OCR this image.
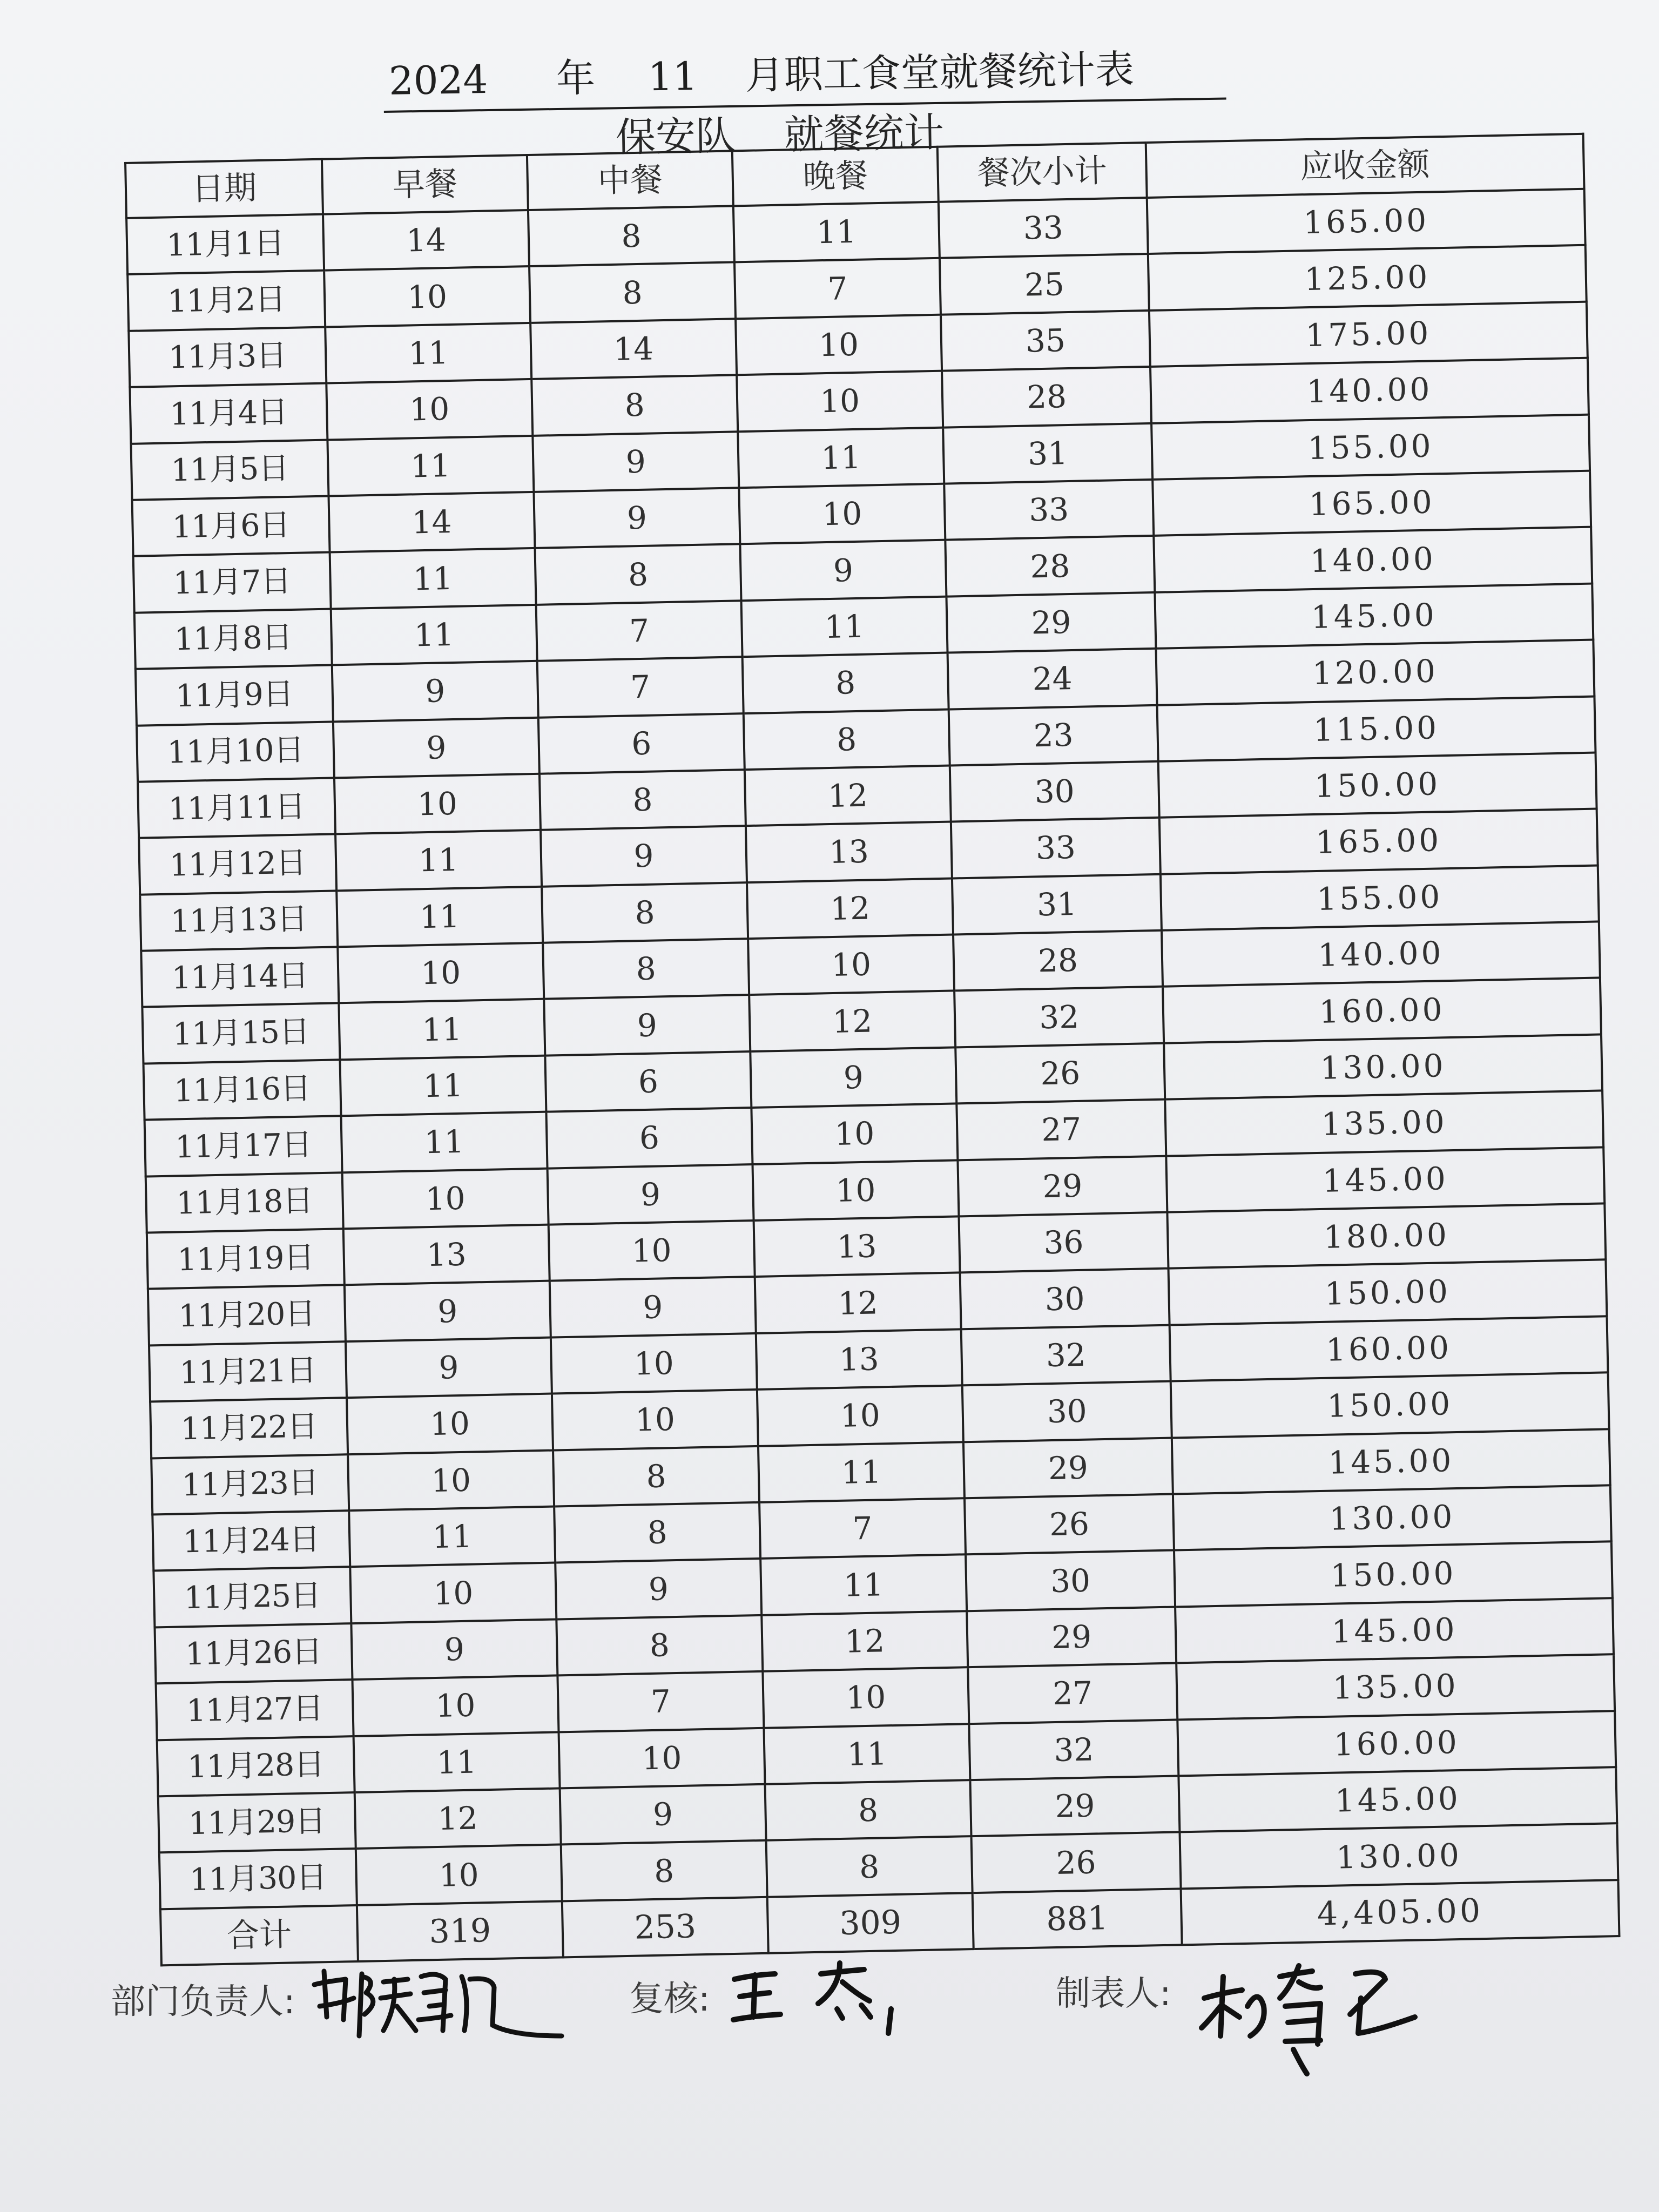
2024 年 11 月职工食堂就餐统计表
保安队 就餐统计
日期	早餐	中餐	晚餐	餐次小计	应收金额
11月1日	14	8	11	33	165.00
11月2日	10	8	7	25	125.00
11月3日	11	14	10	35	175.00
11月4日	10	8	10	28	140.00
11月5日	11	9	11	31	155.00
11月6日	14	9	10	33	165.00
11月7日	11	8	9	28	140.00
11月8日	11	7	11	29	145.00
11月9日	9	7	8	24	120.00
11月10日	9	6	8	23	115.00
11月11日	10	8	12	30	150.00
11月12日	11	9	13	33	165.00
11月13日	11	8	12	31	155.00
11月14日	10	8	10	28	140.00
11月15日	11	9	12	32	160.00
11月16日	11	6	9	26	130.00
11月17日	11	6	10	27	135.00
11月18日	10	9	10	29	145.00
11月19日	13	10	13	36	180.00
11月20日	9	9	12	30	150.00
11月21日	9	10	13	32	160.00
11月22日	10	10	10	30	150.00
11月23日	10	8	11	29	145.00
11月24日	11	8	7	26	130.00
11月25日	10	9	11	30	150.00
11月26日	9	8	12	29	145.00
11月27日	10	7	10	27	135.00
11月28日	11	10	11	32	160.00
11月29日	12	9	8	29	145.00
11月30日	10	8	8	26	130.00
合计	319	253	309	881	4,405.00
部门负责人:	复核:	制表人:
